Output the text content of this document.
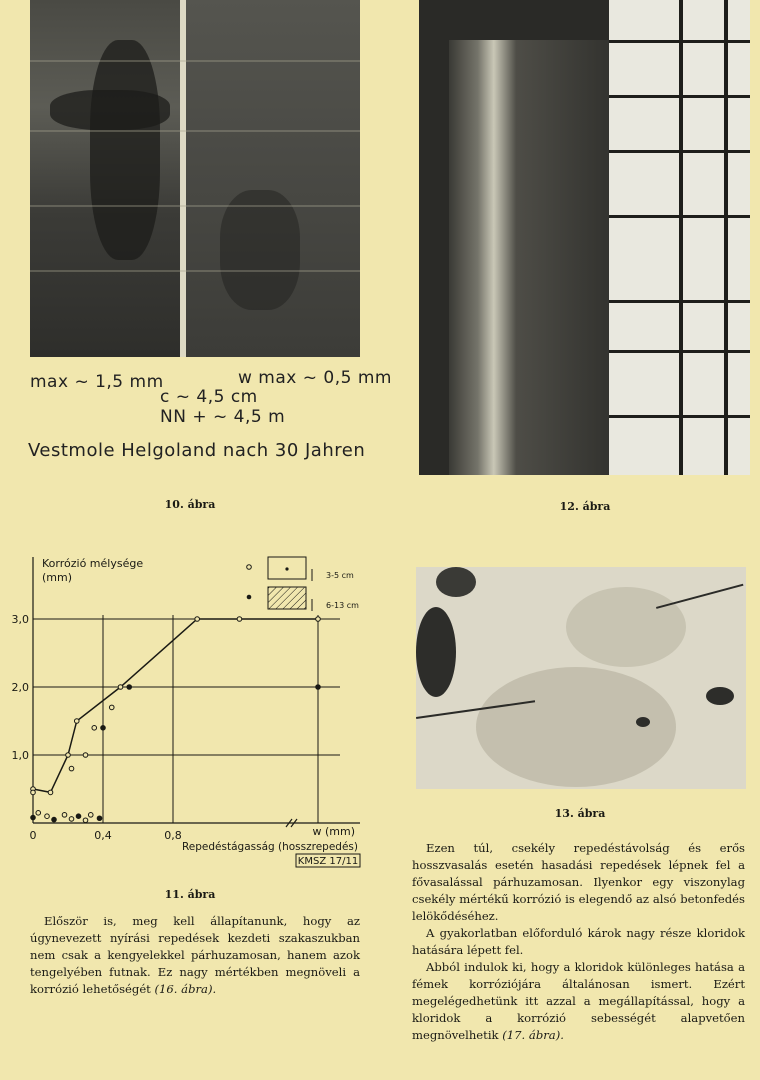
max ~ 1,5 mm	w max ~ 0,5 mm
c ~ 4,5 cm
NN + ~ 4,5 m
Vestmole Helgoland nach 30 Jahren
10. ábra	12. ábra
1,0
2,0
3,0
0	0,4	0,8
Korrózió mélysége
(mm)
w (mm)
Repedéstágasság (hosszrepedés)
KMSZ 17/11
3-5 cm
6-13 cm
11. ábra
13. ábra

Először is, meg kell állapítanunk, hogy az úgynevezett nyírási repedések kezdeti szakaszukban nem csak a kengyelekkel párhuzamosan, hanem azok tengelyében futnak. Ez nagy mértékben megnöveli a korrózió lehetőségét (16. ábra).

Ezen túl, csekély repedéstávolság és erős hosszvasalás esetén hasadási repedések lépnek fel a fővasalással párhuzamosan. Ilyenkor egy viszonylag csekély mértékű korrózió is elegendő az alsó betonfedés lelökődéséhez.

A gyakorlatban előforduló károk nagy része kloridok hatására lépett fel.

Abból indulok ki, hogy a kloridok különleges hatása a fémek korróziójára általánosan ismert. Ezért megelégedhetünk itt azzal a megállapítással, hogy a kloridok a korrózió sebességét alapvetően megnövelhetik (17. ábra).
